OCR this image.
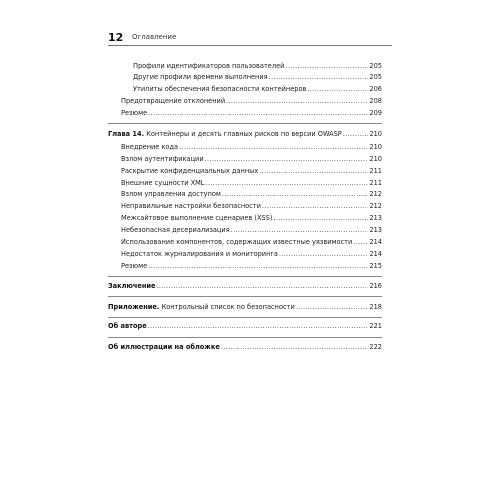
12 Оглавление
Профили идентификаторов пользователей .....	205
Другие профили времени выполнения .....	205
Утилиты обеспечения безопасности контейнеров .....	206
Предотвращение отклонений .....	208
Резюме .....	209
Глава 14. Контейнеры и десять главных рисков по версии OWASP .....	210
Внедрение кода .....	210
Взлом аутентификации .....	210
Раскрытие конфиденциальных данных .....	211
Внешние сущности XML .....	211
Взлом управления доступом .....	212
Неправильные настройки безопасности .....	212
Межсайтовое выполнение сценариев (XSS) .....	213
Небезопасная десериализация .....	213
Использование компонентов, содержащих известные уязвимости .....	214
Недостаток журналирования и мониторинга .....	214
Резюме .....	215
Заключение .....	216
Приложение. Контрольный список по безопасности .....	218
Об авторе .....	221
Об иллюстрации на обложке .....	222
